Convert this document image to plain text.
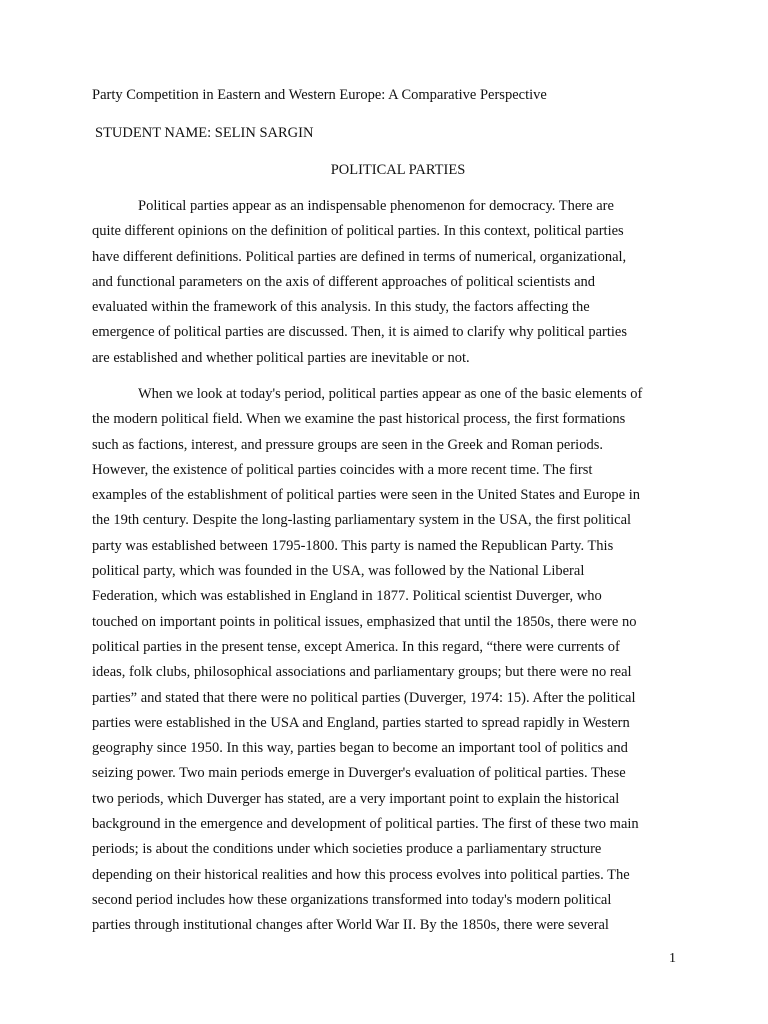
Party Competition in Eastern and Western Europe: A Comparative Perspective
STUDENT NAME: SELIN SARGIN
POLITICAL PARTIES
Political parties appear as an indispensable phenomenon for democracy. There are
quite different opinions on the definition of political parties. In this context, political parties
have different definitions. Political parties are defined in terms of numerical, organizational,
and functional parameters on the axis of different approaches of political scientists and
evaluated within the framework of this analysis. In this study, the factors affecting the
emergence of political parties are discussed. Then, it is aimed to clarify why political parties
are established and whether political parties are inevitable or not.
When we look at today's period, political parties appear as one of the basic elements of
the modern political field. When we examine the past historical process, the first formations
such as factions, interest, and pressure groups are seen in the Greek and Roman periods.
However, the existence of political parties coincides with a more recent time. The first
examples of the establishment of political parties were seen in the United States and Europe in
the 19th century. Despite the long-lasting parliamentary system in the USA, the first political
party was established between 1795-1800. This party is named the Republican Party. This
political party, which was founded in the USA, was followed by the National Liberal
Federation, which was established in England in 1877. Political scientist Duverger, who
touched on important points in political issues, emphasized that until the 1850s, there were no
political parties in the present tense, except America. In this regard, “there were currents of
ideas, folk clubs, philosophical associations and parliamentary groups; but there were no real
parties” and stated that there were no political parties (Duverger, 1974: 15). After the political
parties were established in the USA and England, parties started to spread rapidly in Western
geography since 1950. In this way, parties began to become an important tool of politics and
seizing power. Two main periods emerge in Duverger's evaluation of political parties. These
two periods, which Duverger has stated, are a very important point to explain the historical
background in the emergence and development of political parties. The first of these two main
periods; is about the conditions under which societies produce a parliamentary structure
depending on their historical realities and how this process evolves into political parties. The
second period includes how these organizations transformed into today's modern political
parties through institutional changes after World War II. By the 1850s, there were several
1
